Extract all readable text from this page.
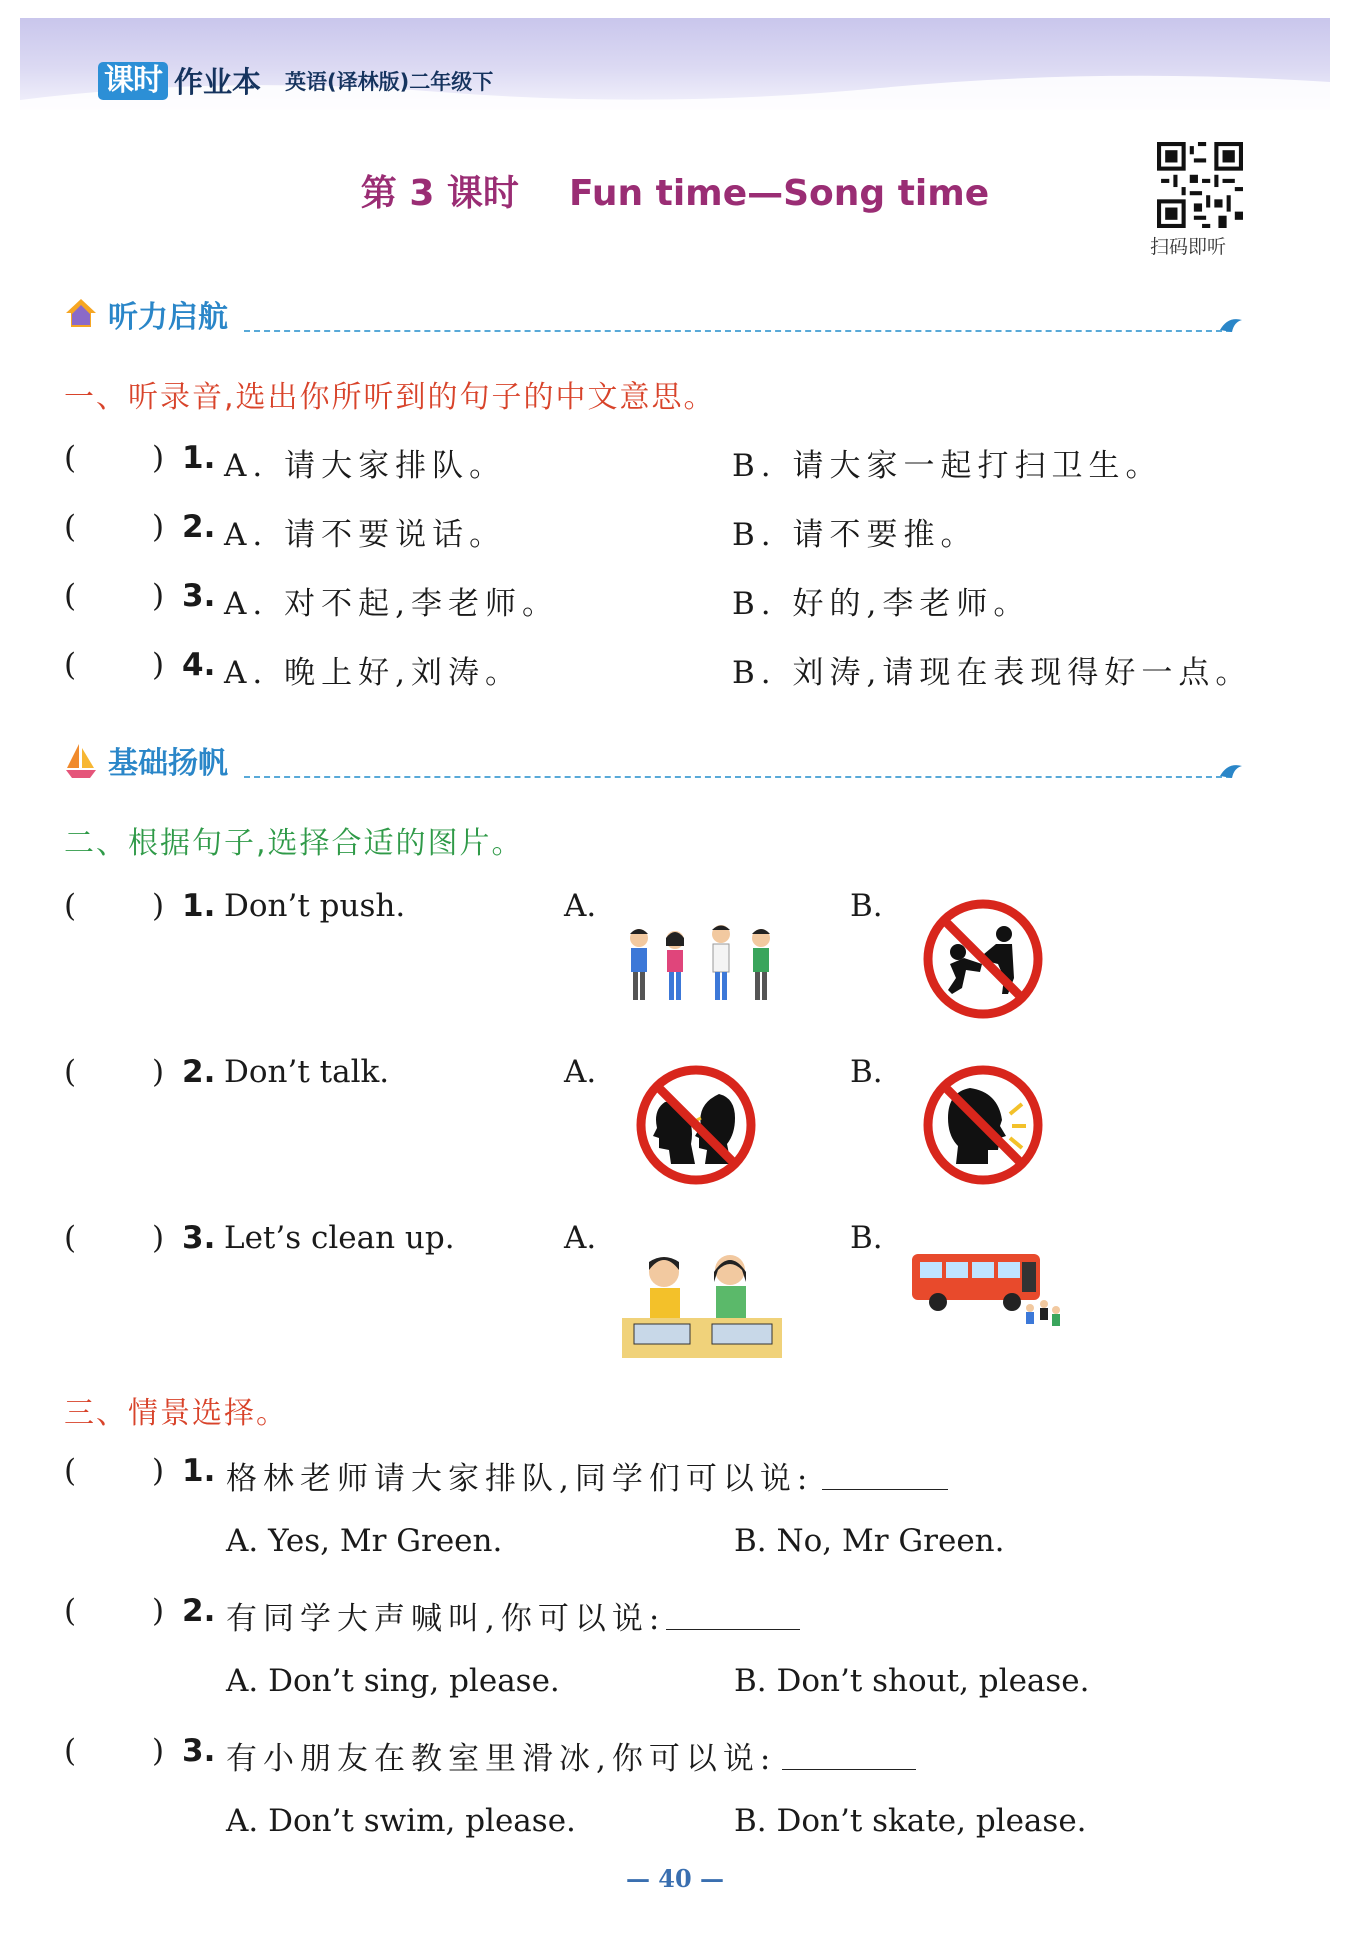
课时 作业本 英语(译林版)二年级下
第 3 课时    Fun time—Song time
扫码即听
听力启航
一、听录音,选出你所听到的句子的中文意思。
( ) 1. A. 请大家排队。	B. 请大家一起打扫卫生。
( ) 2. A. 请不要说话。	B. 请不要推。
( ) 3. A. 对不起,李老师。	B. 好的,李老师。
( ) 4. A. 晚上好,刘涛。	B. 刘涛,请现在表现得好一点。
基础扬帆
二、根据句子,选择合适的图片。
( ) 1. Don’t push.	A.	B.
( ) 2. Don’t talk.	A.	B.
( ) 3. Let’s clean up.	A.	B.
三、情景选择。
( ) 1. 格林老师请大家排队,同学们可以说:
A. Yes, Mr Green.	B. No, Mr Green.
( ) 2. 有同学大声喊叫,你可以说:
A. Don’t sing, please.	B. Don’t shout, please.
( ) 3. 有小朋友在教室里滑冰,你可以说:
A. Don’t swim, please.	B. Don’t skate, please.
— 40 —
